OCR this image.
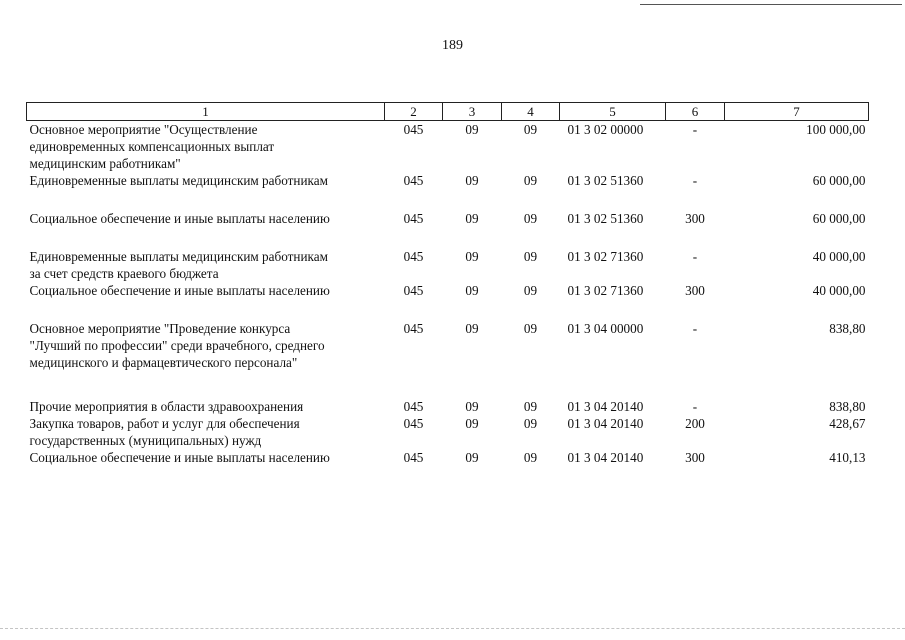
189
1	2	3	4	5	6	7

Основное мероприятие "Осуществление
единовременных компенсационных выплат
медицинским работникам"	045	09	09	01 3 02 00000	-	100 000,00

Единовременные выплаты медицинским работникам	045	09	09	01 3 02 51360	-	60 000,00

Социальное обеспечение и иные выплаты населению	045	09	09	01 3 02 51360	300	60 000,00

Единовременные выплаты медицинским работникам
за счет средств краевого бюджета	045	09	09	01 3 02 71360	-	40 000,00

Социальное обеспечение и иные выплаты населению	045	09	09	01 3 02 71360	300	40 000,00

Основное мероприятие "Проведение конкурса
"Лучший по профессии" среди врачебного, среднего
медицинского и фармацевтического персонала"	045	09	09	01 3 04 00000	-	838,80

Прочие мероприятия в области здравоохранения	045	09	09	01 3 04 20140	-	838,80

Закупка товаров, работ и услуг для обеспечения
государственных (муниципальных) нужд	045	09	09	01 3 04 20140	200	428,67

Социальное обеспечение и иные выплаты населению	045	09	09	01 3 04 20140	300	410,13
